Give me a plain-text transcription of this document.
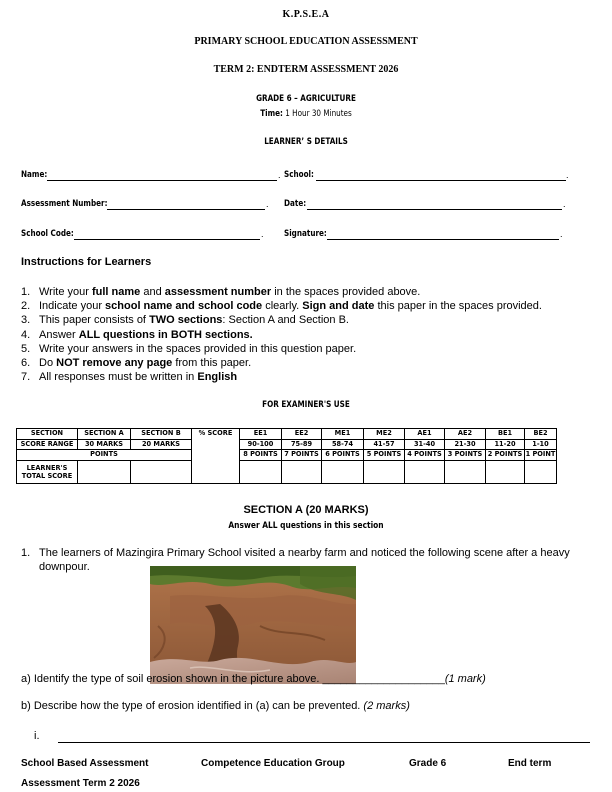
K.P.S.E.A
PRIMARY SCHOOL EDUCATION ASSESSMENT
TERM 2: ENDTERM ASSESSMENT 2026
GRADE 6 – AGRICULTURE
Time: 1 Hour 30 Minutes
LEARNER’ S DETAILS
Name:	. School:	.
Assessment Number:	. Date:	.
School Code:	. Signature:	.
Instructions for Learners
1. Write your full name and assessment number in the spaces provided above.
2. Indicate your school name and school code clearly. Sign and date this paper in the spaces provided.
3. This paper consists of TWO sections: Section A and Section B.
4. Answer ALL questions in BOTH sections.
5. Write your answers in the spaces provided in this question paper.
6. Do NOT remove any page from this paper.
7. All responses must be written in English
FOR EXAMINER'S USE
SECTION	SECTION A	SECTION B	% SCORE	EE1	EE2	ME1	ME2	AE1	AE2	BE1	BE2
SCORE RANGE	30 MARKS	20 MARKS		90-100	75-89	58-74	41-57	31-40	21-30	11-20	1-10
POINTS				8 POINTS	7 POINTS	6 POINTS	5 POINTS	4 POINTS	3 POINTS	2 POINTS	1 POINT
LEARNER'S
TOTAL SCORE											
SECTION A (20 MARKS)
Answer ALL questions in this section
1. The learners of Mazingira Primary School visited a nearby farm and noticed the following scene after a heavy downpour.
a) Identify the type of soil erosion shown in the picture above. ____________________(1 mark)
b) Describe how the type of erosion identified in (a) can be prevented. (2 marks)
i.
School Based Assessment
Assessment Term 2 2026
Competence Education Group	Grade 6	End term
